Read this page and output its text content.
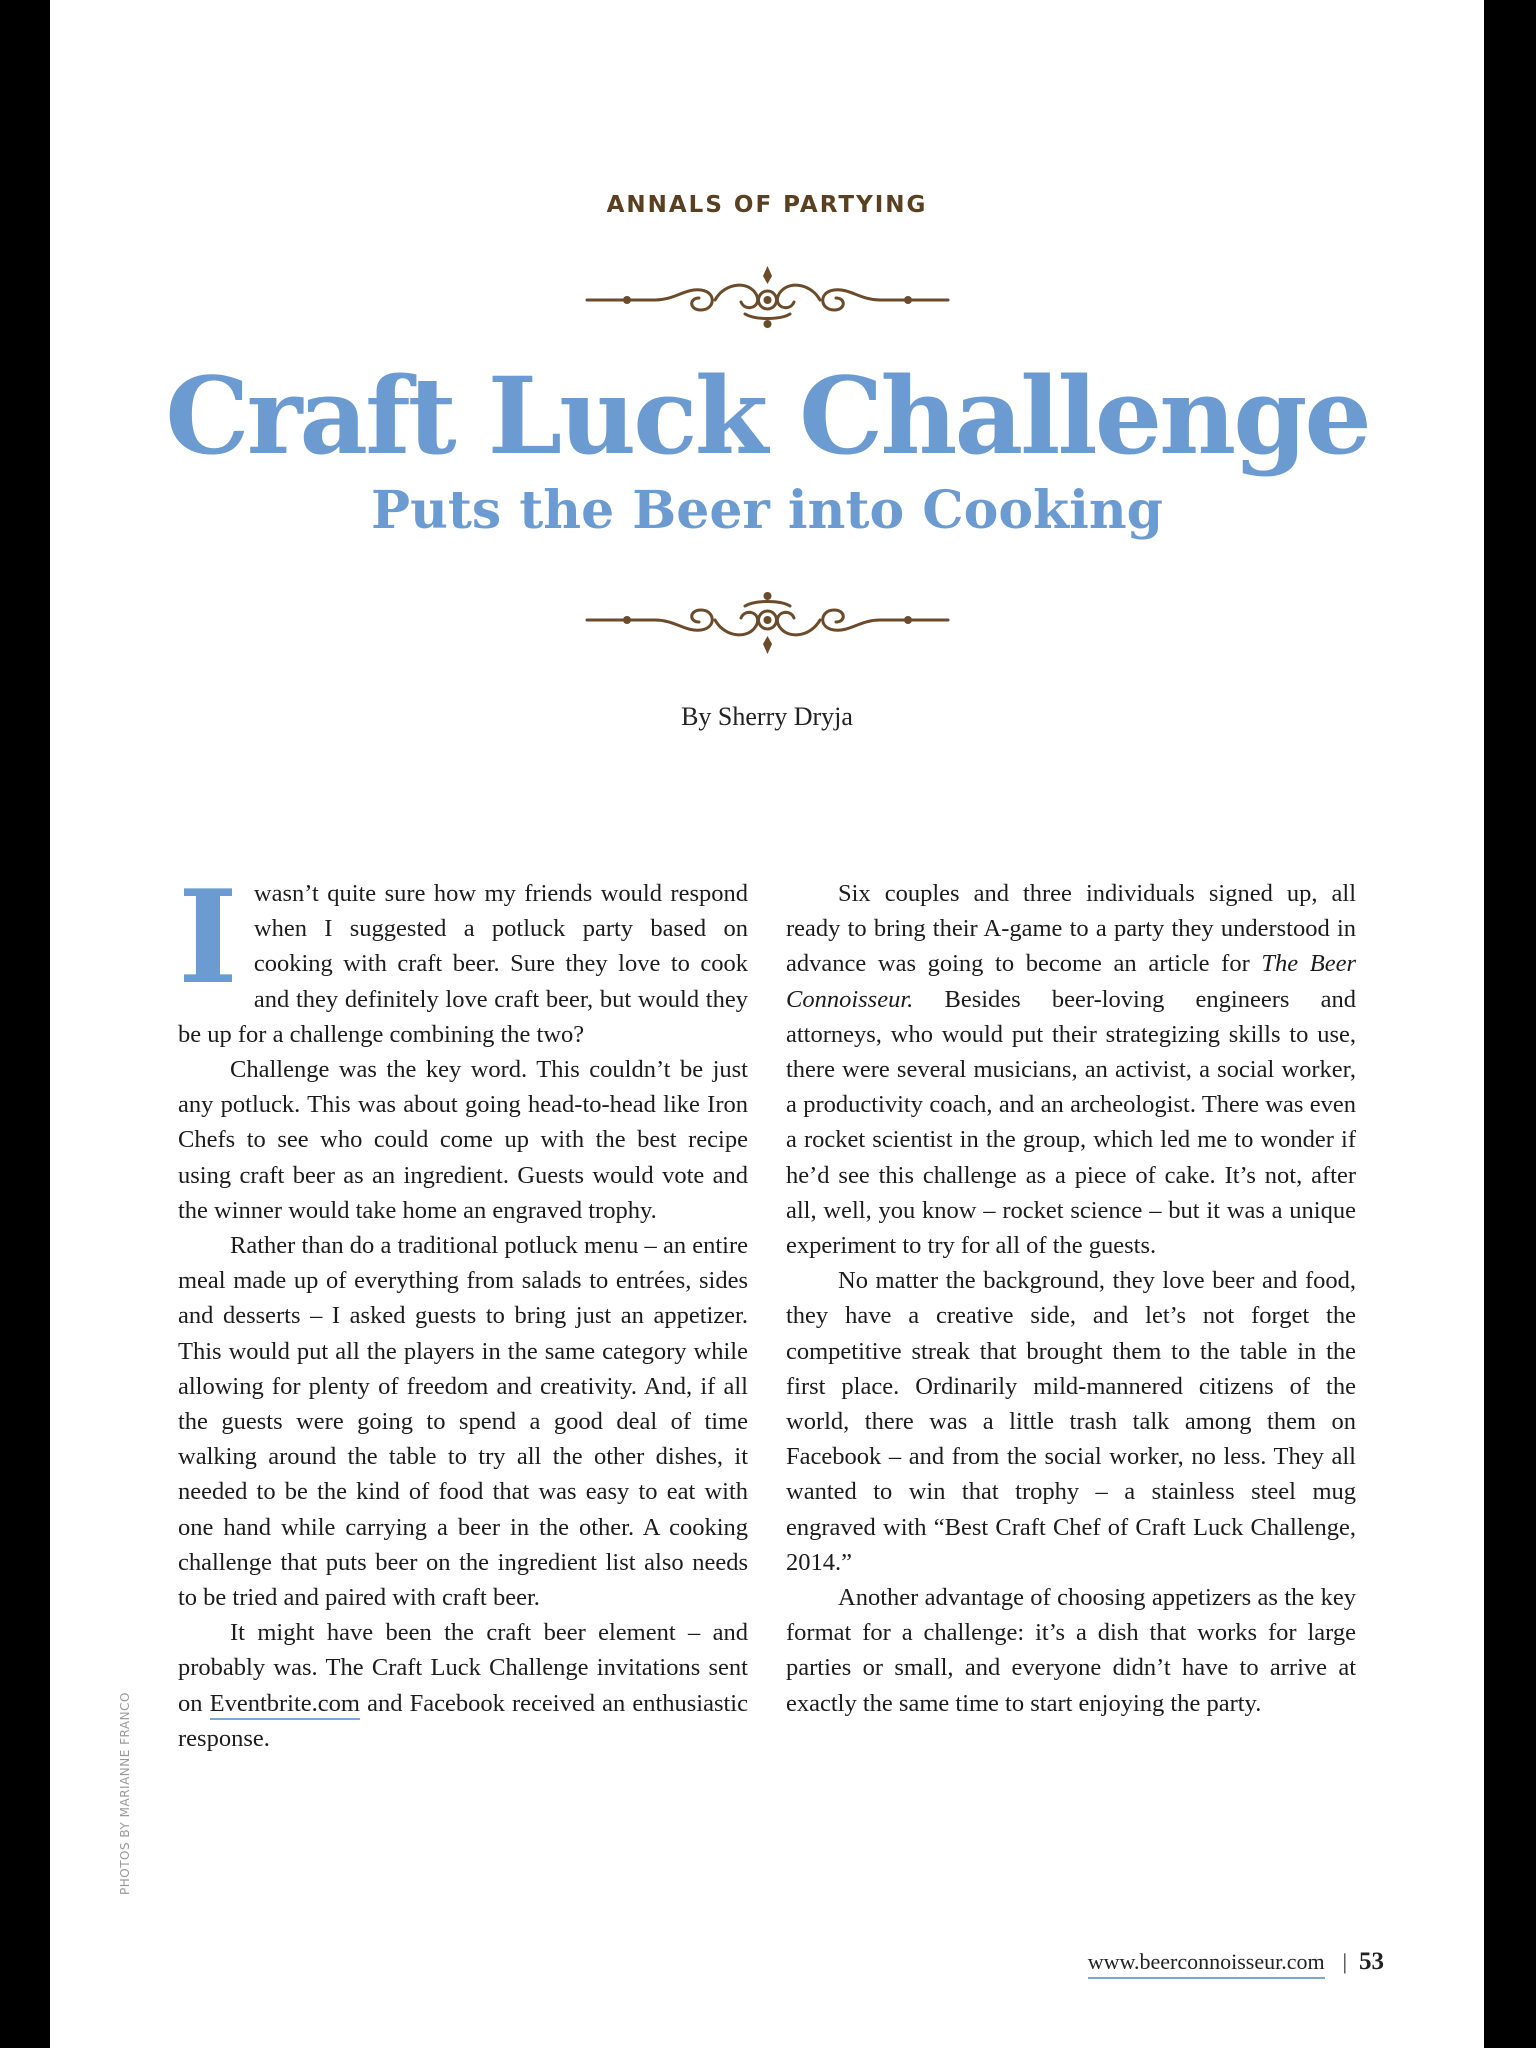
ANNALS OF PARTYING
Craft Luck Challenge
Puts the Beer into Cooking
By Sherry Dryja

Iwasn’t quite sure how my friends would respond when I suggested a potluck party based on cooking with craft beer. Sure they love to cook and they definitely love craft beer, but would they be up for a challenge combining the two?

Challenge was the key word. This couldn’t be just any potluck. This was about going head-to-head like Iron Chefs to see who could come up with the best recipe using craft beer as an ingredient. Guests would vote and the winner would take home an engraved trophy.

Rather than do a traditional potluck menu – an entire meal made up of everything from salads to entrées, sides and desserts – I asked guests to bring just an appetizer. This would put all the players in the same category while allowing for plenty of freedom and creativity. And, if all the guests were going to spend a good deal of time walking around the table to try all the other dishes, it needed to be the kind of food that was easy to eat with one hand while carrying a beer in the other. A cooking challenge that puts beer on the ingredient list also needs to be tried and paired with craft beer.

It might have been the craft beer element – and probably was. The Craft Luck Challenge invitations sent on Eventbrite.com and Facebook received an enthusiastic response.

Six couples and three individuals signed up, all ready to bring their A-game to a party they understood in advance was going to become an article for The Beer Connoisseur. Besides beer-loving engineers and attorneys, who would put their strategizing skills to use, there were several musicians, an activist, a social worker, a productivity coach, and an archeologist. There was even a rocket scientist in the group, which led me to wonder if he’d see this challenge as a piece of cake. It’s not, after all, well, you know – rocket science – but it was a unique experiment to try for all of the guests.

No matter the background, they love beer and food, they have a creative side, and let’s not forget the competitive streak that brought them to the table in the first place. Ordinarily mild-mannered citizens of the world, there was a little trash talk among them on Facebook – and from the social worker, no less. They all wanted to win that trophy – a stainless steel mug engraved with “Best Craft Chef of Craft Luck Challenge, 2014.”

Another advantage of choosing appetizers as the key format for a challenge: it’s a dish that works for large parties or small, and everyone didn’t have to arrive at exactly the same time to start enjoying the party.

PHOTOS BY MARIANNE FRANCO
www.beerconnoisseur.com | 53
